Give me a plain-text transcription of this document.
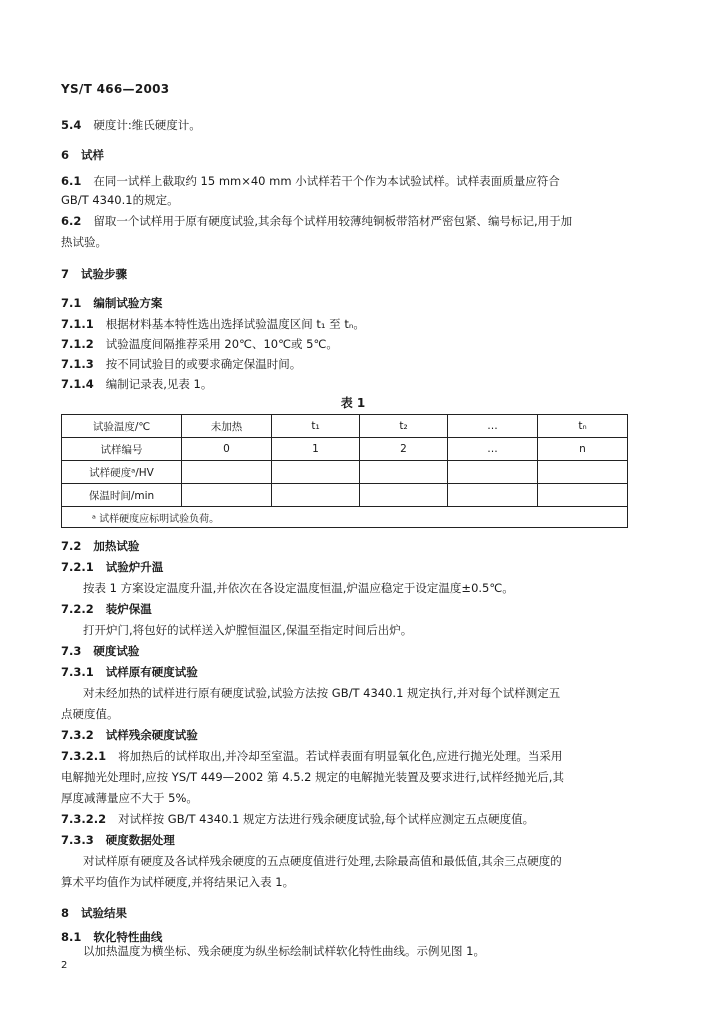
YS/T 466—2003
5.4 硬度计:维氏硬度计。
6 试样
6.1 在同一试样上截取约 15 mm×40 mm 小试样若干个作为本试验试样。试样表面质量应符合
GB/T 4340.1的规定。
6.2 留取一个试样用于原有硬度试验,其余每个试样用较薄纯铜板带箔材严密包紧、编号标记,用于加
热试验。
7 试验步骤
7.1 编制试验方案
7.1.1 根据材料基本特性选出选择试验温度区间 t₁ 至 tₙ。
7.1.2 试验温度间隔推荐采用 20℃、10℃或 5℃。
7.1.3 按不同试验目的或要求确定保温时间。
7.1.4 编制记录表,见表 1。
表 1
试验温度/℃	未加热	t₁	t₂	…	tₙ
试样编号	0	1	2	…	n
试样硬度ᵃ/HV					
保温时间/min					
ᵃ 试样硬度应标明试验负荷。					
7.2 加热试验
7.2.1 试验炉升温
按表 1 方案设定温度升温,并依次在各设定温度恒温,炉温应稳定于设定温度±0.5℃。
7.2.2 装炉保温
打开炉门,将包好的试样送入炉膛恒温区,保温至指定时间后出炉。
7.3 硬度试验
7.3.1 试样原有硬度试验
对未经加热的试样进行原有硬度试验,试验方法按 GB/T 4340.1 规定执行,并对每个试样测定五
点硬度值。
7.3.2 试样残余硬度试验
7.3.2.1 将加热后的试样取出,并冷却至室温。若试样表面有明显氧化色,应进行抛光处理。当采用
电解抛光处理时,应按 YS/T 449—2002 第 4.5.2 规定的电解抛光装置及要求进行,试样经抛光后,其
厚度减薄量应不大于 5%。
7.3.2.2 对试样按 GB/T 4340.1 规定方法进行残余硬度试验,每个试样应测定五点硬度值。
7.3.3 硬度数据处理
对试样原有硬度及各试样残余硬度的五点硬度值进行处理,去除最高值和最低值,其余三点硬度的
算术平均值作为试样硬度,并将结果记入表 1。
8 试验结果
8.1 软化特性曲线
以加热温度为横坐标、残余硬度为纵坐标绘制试样软化特性曲线。示例见图 1。
2
